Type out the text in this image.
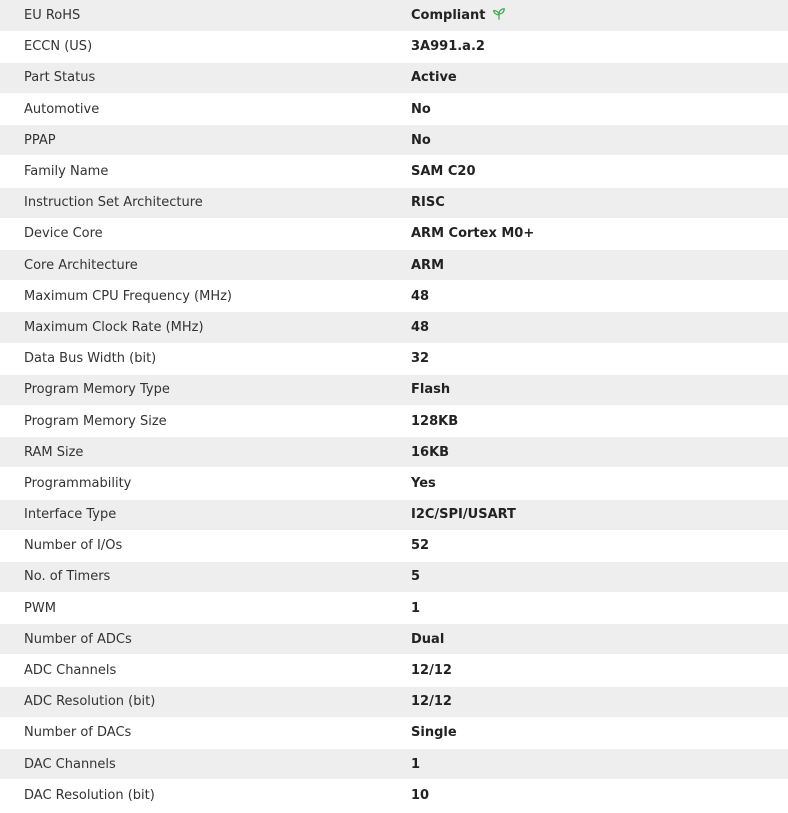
EU RoHS	Compliant
ECCN (US)	3A991.a.2
Part Status	Active
Automotive	No
PPAP	No
Family Name	SAM C20
Instruction Set Architecture	RISC
Device Core	ARM Cortex M0+
Core Architecture	ARM
Maximum CPU Frequency (MHz)	48
Maximum Clock Rate (MHz)	48
Data Bus Width (bit)	32
Program Memory Type	Flash
Program Memory Size	128KB
RAM Size	16KB
Programmability	Yes
Interface Type	I2C/SPI/USART
Number of I/Os	52
No. of Timers	5
PWM	1
Number of ADCs	Dual
ADC Channels	12/12
ADC Resolution (bit)	12/12
Number of DACs	Single
DAC Channels	1
DAC Resolution (bit)	10
